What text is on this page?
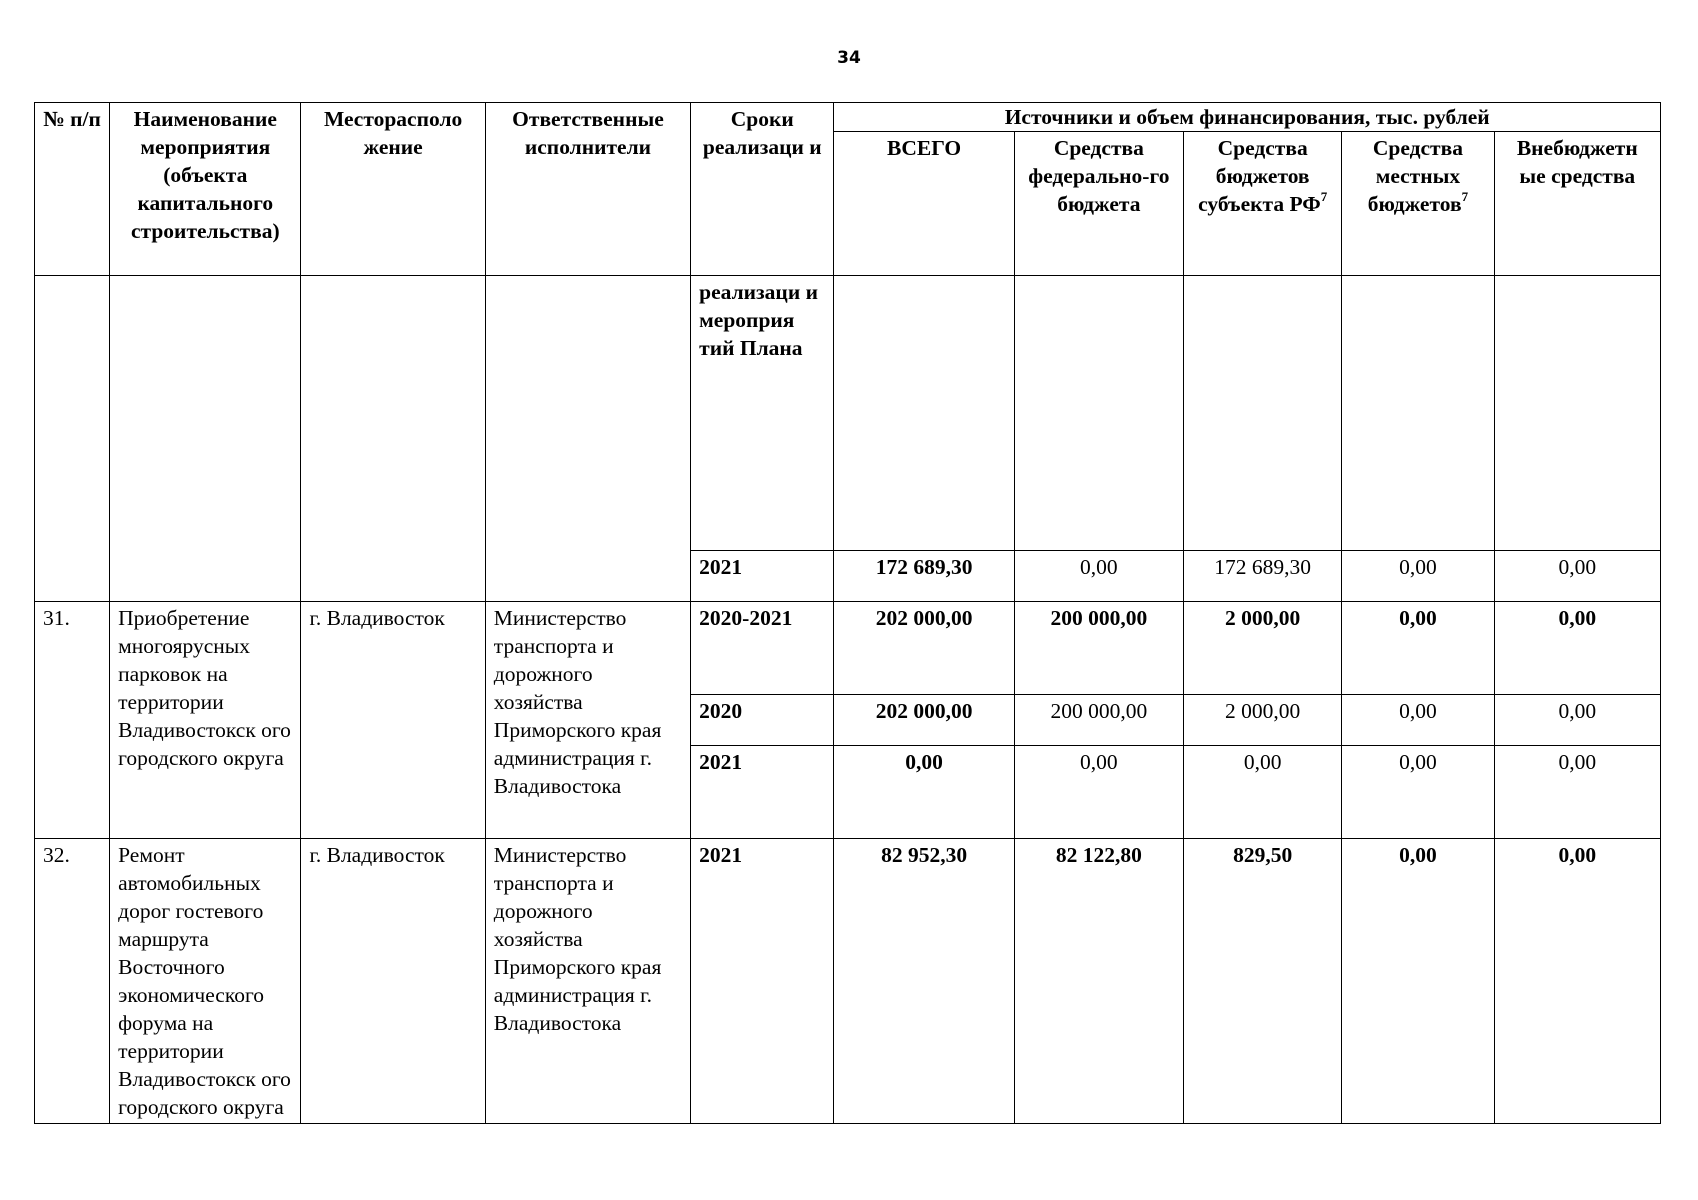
34
№ п/п	Наименование мероприятия (объекта капитального строительства)	Месторасполо жение	Ответственные исполнители	Сроки реализаци и	Источники и объем финансирования, тыс. рублей				
					ВСЕГО	Средства федерально-го бюджета	Средства бюджетов субъекта $РФ^7$	Средства местных бюджетов$^7$	Внебюджетн ые средства
				реализаци и мероприя тий Плана					
				2021	172 689,30	0,00	172 689,30	0,00	0,00
31.	Приобретение многоярусных парковок на территории Владивостокск ого городского округа	г. Владивосток	Министерство транспорта и дорожного хозяйства Приморского края администрация г. Владивостока	2020-2021	202 000,00	200 000,00	2 000,00	0,00	0,00
				2020	202 000,00	200 000,00	2 000,00	0,00	0,00
				2021	0,00	0,00	0,00	0,00	0,00
32.	Ремонт автомобильных дорог гостевого маршрута Восточного экономического форума на территории Владивостокск ого городского округа	г. Владивосток	Министерство транспорта и дорожного хозяйства Приморского края администрация г. Владивостока	2021	82 952,30	82 122,80	829,50	0,00	0,00
